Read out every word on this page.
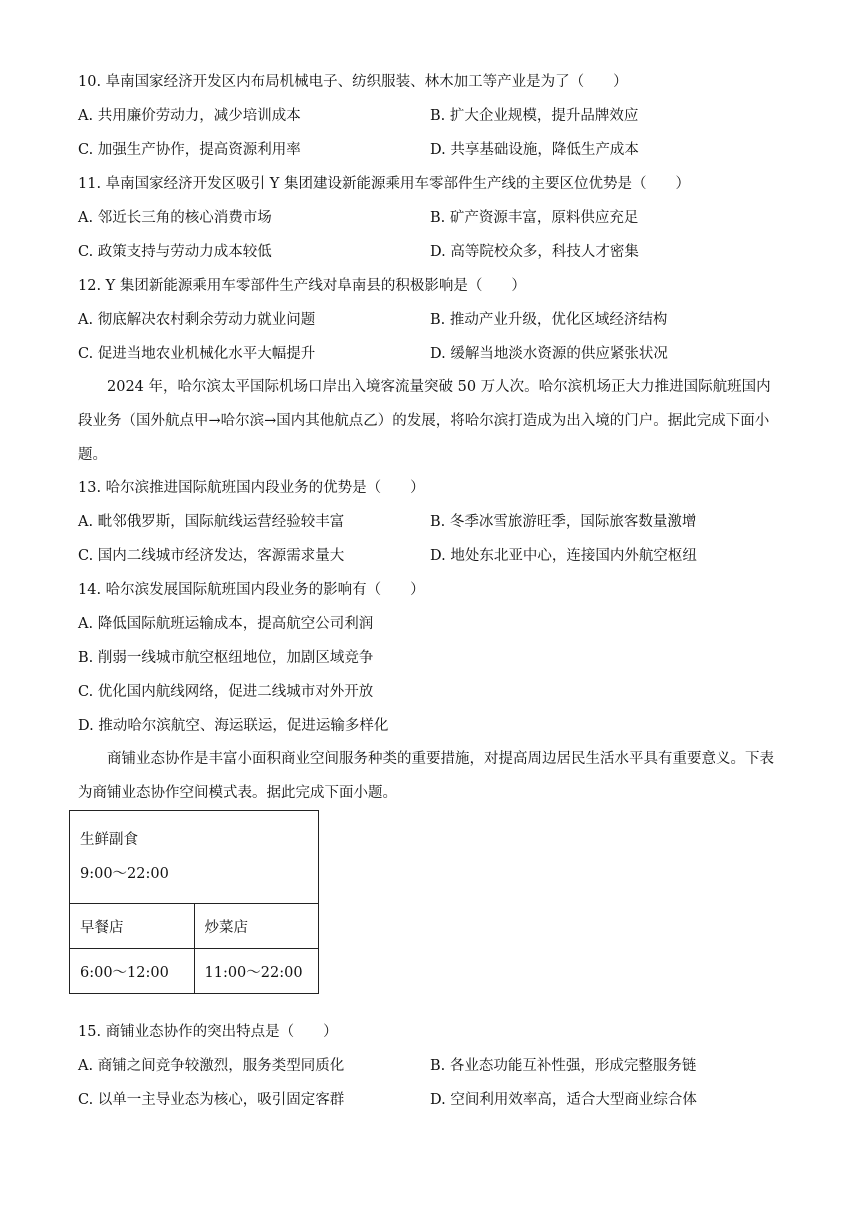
10. 阜南国家经济开发区内布局机械电子、纺织服装、林木加工等产业是为了（　　）
A. 共用廉价劳动力，减少培训成本	B. 扩大企业规模，提升品牌效应
C. 加强生产协作，提高资源利用率	D. 共享基础设施，降低生产成本
11. 阜南国家经济开发区吸引 Y 集团建设新能源乘用车零部件生产线的主要区位优势是（　　）
A. 邻近长三角的核心消费市场	B. 矿产资源丰富，原料供应充足
C. 政策支持与劳动力成本较低	D. 高等院校众多，科技人才密集
12. Y 集团新能源乘用车零部件生产线对阜南县的积极影响是（　　）
A. 彻底解决农村剩余劳动力就业问题	B. 推动产业升级，优化区域经济结构
C. 促进当地农业机械化水平大幅提升	D. 缓解当地淡水资源的供应紧张状况
2024 年，哈尔滨太平国际机场口岸出入境客流量突破 50 万人次。哈尔滨机场正大力推进国际航班国内段业务（国外航点甲→哈尔滨→国内其他航点乙）的发展，将哈尔滨打造成为出入境的门户。据此完成下面小题。
13. 哈尔滨推进国际航班国内段业务的优势是（　　）
A. 毗邻俄罗斯，国际航线运营经验较丰富	B. 冬季冰雪旅游旺季，国际旅客数量激增
C. 国内二线城市经济发达，客源需求量大	D. 地处东北亚中心，连接国内外航空枢纽
14. 哈尔滨发展国际航班国内段业务的影响有（　　）
A. 降低国际航班运输成本，提高航空公司利润
B. 削弱一线城市航空枢纽地位，加剧区域竞争
C. 优化国内航线网络，促进二线城市对外开放
D. 推动哈尔滨航空、海运联运，促进运输多样化
商铺业态协作是丰富小面积商业空间服务种类的重要措施，对提高周边居民生活水平具有重要意义。下表为商铺业态协作空间模式表。据此完成下面小题。
生鲜副食
9:00～22:00	

早餐店	炒菜店
6:00～12:00	11:00～22:00
15. 商铺业态协作的突出特点是（　　）
A. 商铺之间竞争较激烈，服务类型同质化	B. 各业态功能互补性强，形成完整服务链
C. 以单一主导业态为核心，吸引固定客群	D. 空间利用效率高，适合大型商业综合体
